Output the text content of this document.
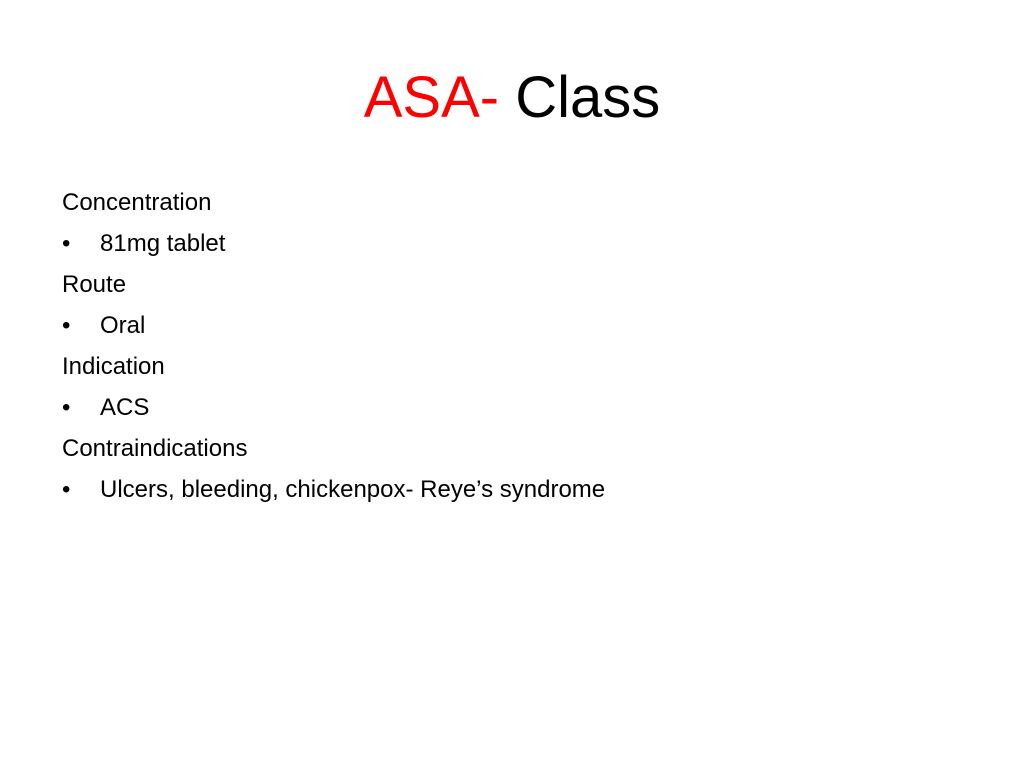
ASA- Class
Concentration
• 81mg tablet
Route
• Oral
Indication
• ACS
Contraindications
• Ulcers, bleeding, chickenpox- Reye’s syndrome
